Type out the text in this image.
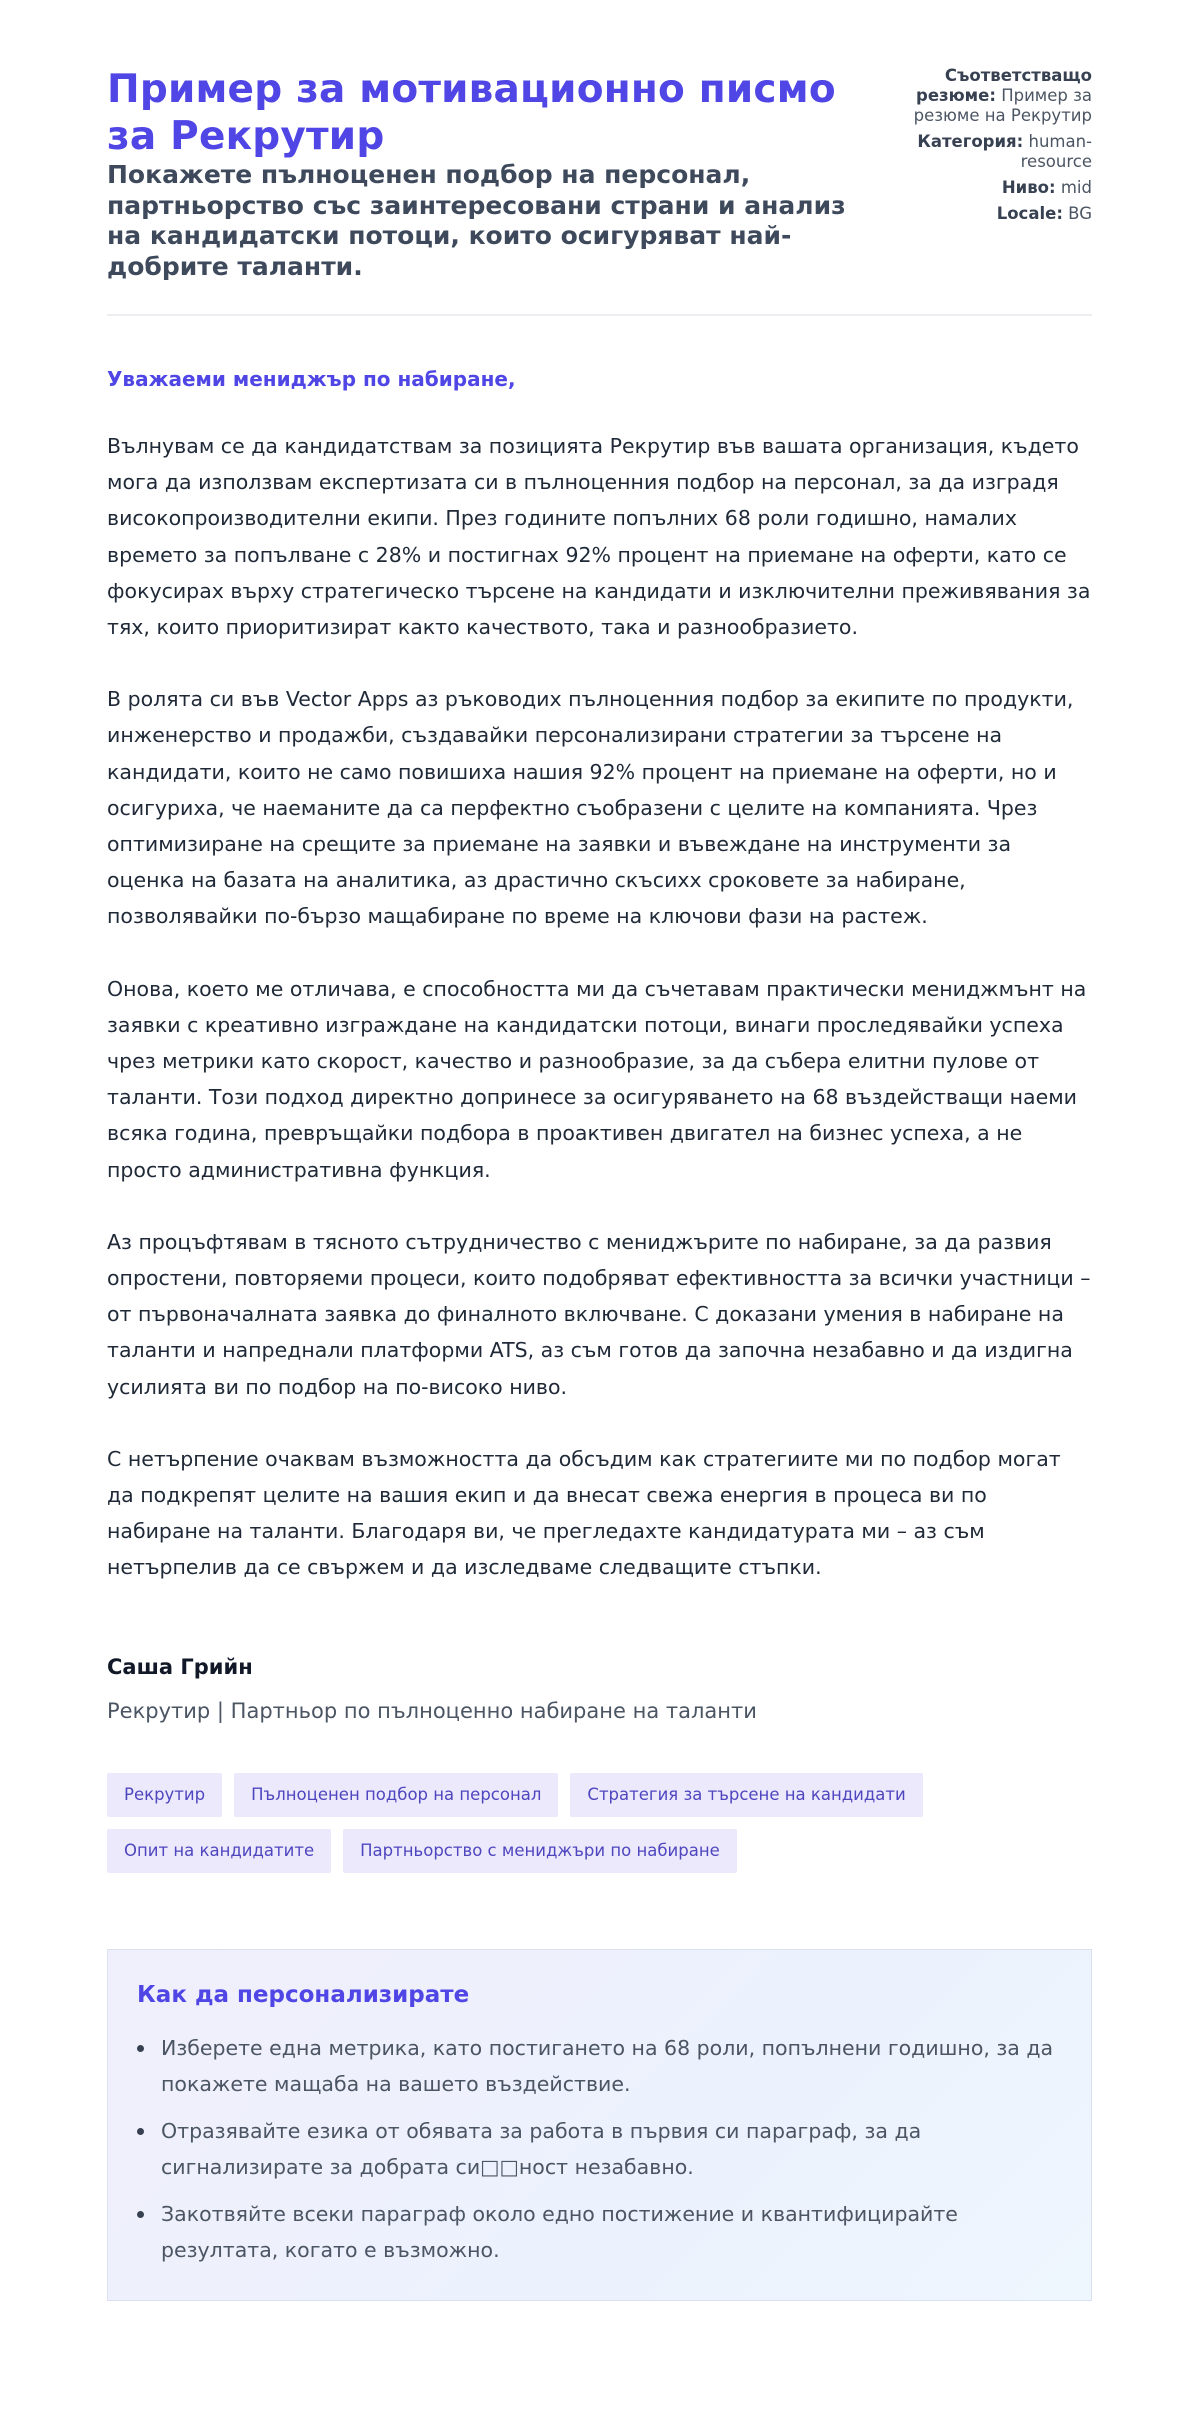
Пример за мотивационно писмо за Рекрутир
Покажете пълноценен подбор на персонал, партньорство със заинтересовани страни и анализ на кандидатски потоци, които осигуряват най-добрите таланти.
Съответстващо резюме: Пример за резюме на Рекрутир
Категория: human-resource
Ниво: mid
Locale: BG

Уважаеми мениджър по набиране,

Вълнувам се да кандидатствам за позицията Рекрутир във вашата организация, където мога да използвам експертизата си в пълноценния подбор на персонал, за да изградя високопроизводителни екипи. През годините попълних 68 роли годишно, намалих времето за попълване с 28% и постигнах 92% процент на приемане на оферти, като се фокусирах върху стратегическо търсене на кандидати и изключителни преживявания за тях, които приоритизират както качеството, така и разнообразието.

В ролята си във Vector Apps аз ръководих пълноценния подбор за екипите по продукти, инженерство и продажби, създавайки персонализирани стратегии за търсене на кандидати, които не само повишиха нашия 92% процент на приемане на оферти, но и осигуриха, че наеманите да са перфектно съобразени с целите на компанията. Чрез оптимизиране на срещите за приемане на заявки и въвеждане на инструменти за оценка на базата на аналитика, аз драстично скъсихх сроковете за набиране, позволявайки по-бързо мащабиране по време на ключови фази на растеж.

Онова, което ме отличава, е способността ми да съчетавам практически мениджмънт на заявки с креативно изграждане на кандидатски потоци, винаги проследявайки успеха чрез метрики като скорост, качество и разнообразие, за да събера елитни пулове от таланти. Този подход директно допринесе за осигуряването на 68 въздействащи наеми всяка година, превръщайки подбора в проактивен двигател на бизнес успеха, а не просто административна функция.

Аз процъфтявам в тясното сътрудничество с мениджърите по набиране, за да развия опростени, повторяеми процеси, които подобряват ефективността за всички участници – от първоначалната заявка до финалното включване. С доказани умения в набиране на таланти и напреднали платформи ATS, аз съм готов да започна незабавно и да издигна усилията ви по подбор на по-високо ниво.

С нетърпение очаквам възможността да обсъдим как стратегиите ми по подбор могат да подкрепят целите на вашия екип и да внесат свежа енергия в процеса ви по набиране на таланти. Благодаря ви, че прегледахте кандидатурата ми – аз съм нетърпелив да се свържем и да изследваме следващите стъпки.

Саша Грийн
Рекрутир | Партньор по пълноценно набиране на таланти
Рекрутир	Пълноценен подбор на персонал	Стратегия за търсене на кандидати
Опит на кандидатите	Партньорство с мениджъри по набиране
Как да персонализирате
Изберете една метрика, като постигането на 68 роли, попълнени годишно, за да покажете мащаба на вашето въздействие.
Отразявайте езика от обявата за работа в първия си параграф, за да сигнализирате за добрата си□□ност незабавно.
Закотвяйте всеки параграф около едно постижение и квантифицирайте резултата, когато е възможно.
